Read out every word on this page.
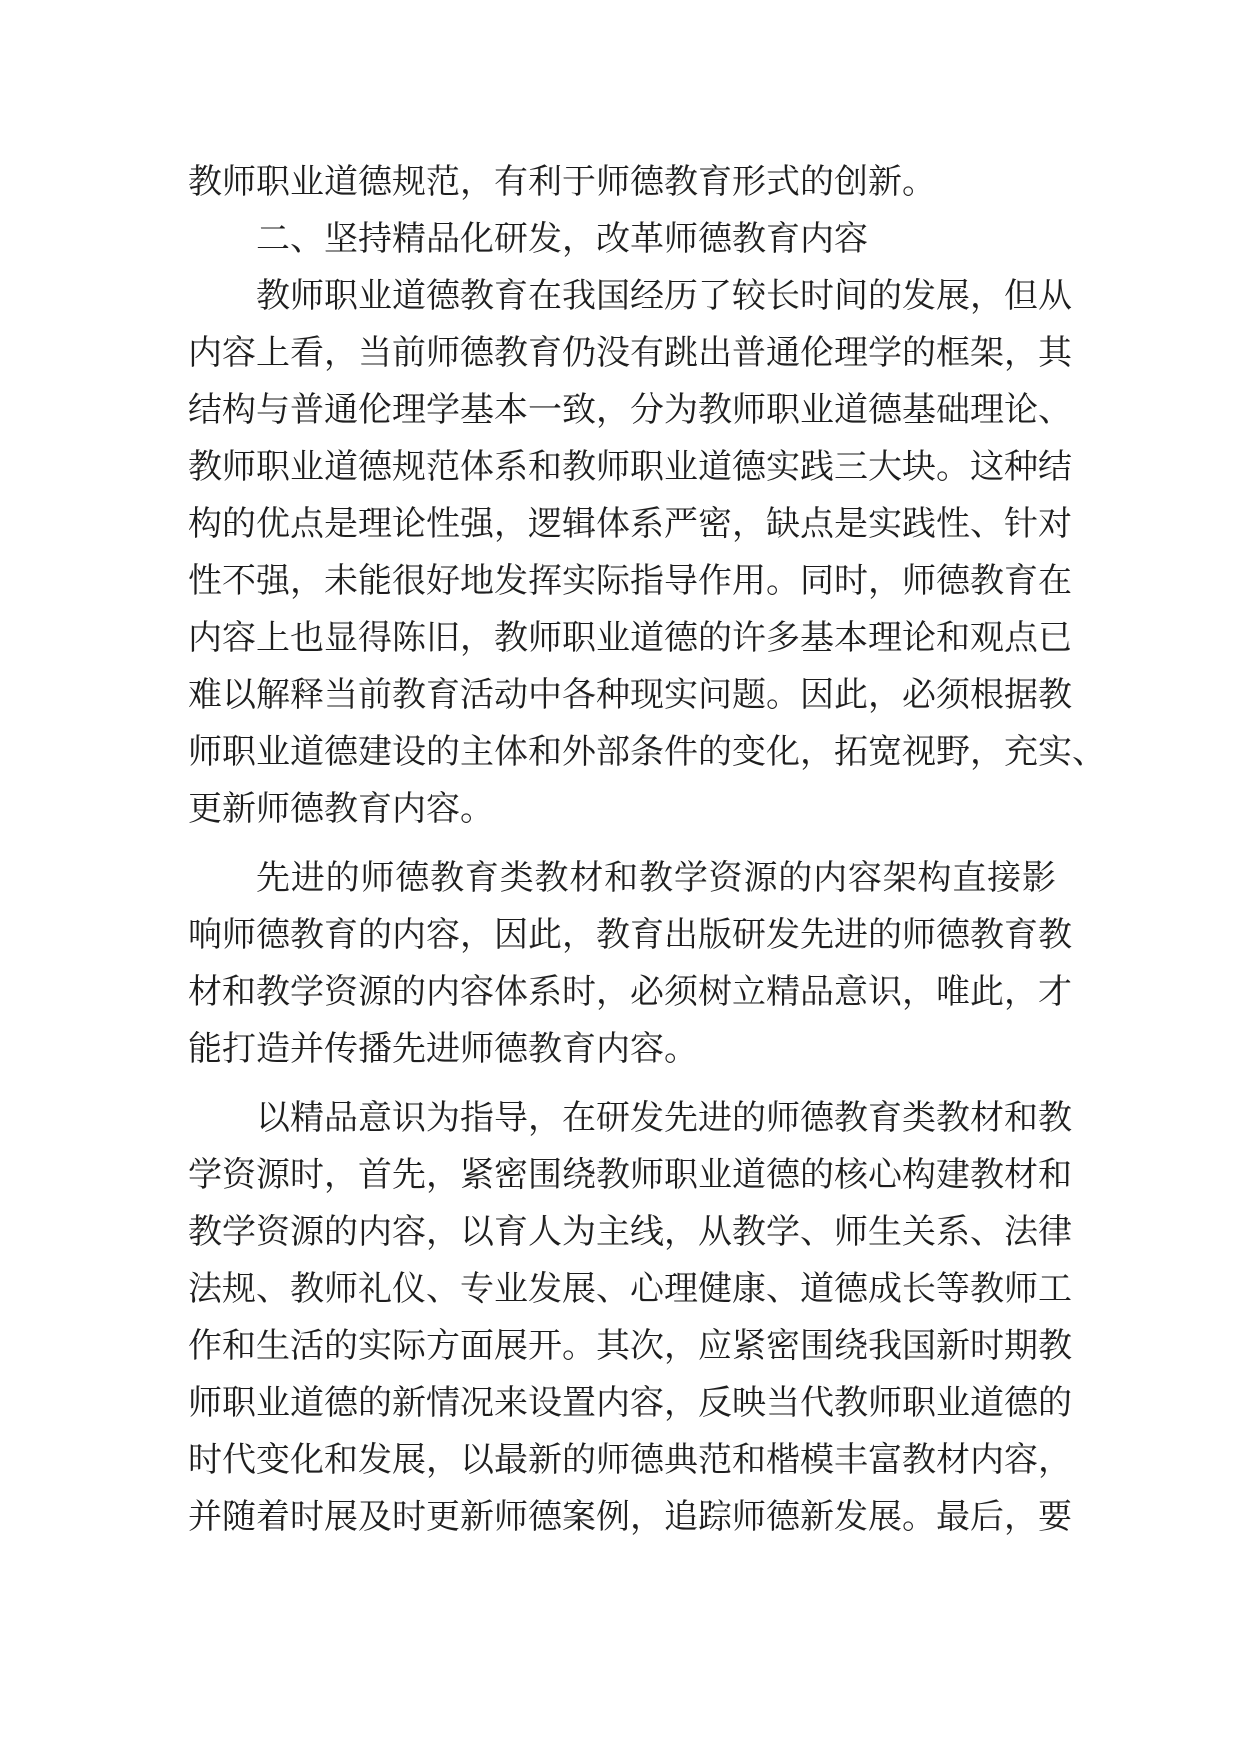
教师职业道德规范，有利于师德教育形式的创新。
二、坚持精品化研发，改革师德教育内容
教师职业道德教育在我国经历了较长时间的发展，但从
内容上看，当前师德教育仍没有跳出普通伦理学的框架，其
结构与普通伦理学基本一致，分为教师职业道德基础理论、
教师职业道德规范体系和教师职业道德实践三大块。这种结
构的优点是理论性强，逻辑体系严密，缺点是实践性、针对
性不强，未能很好地发挥实际指导作用。同时，师德教育在
内容上也显得陈旧，教师职业道德的许多基本理论和观点已
难以解释当前教育活动中各种现实问题。因此，必须根据教
师职业道德建设的主体和外部条件的变化，拓宽视野，充实、
更新师德教育内容。
先进的师德教育类教材和教学资源的内容架构直接影
响师德教育的内容，因此，教育出版研发先进的师德教育教
材和教学资源的内容体系时，必须树立精品意识，唯此，才
能打造并传播先进师德教育内容。
以精品意识为指导，在研发先进的师德教育类教材和教
学资源时，首先，紧密围绕教师职业道德的核心构建教材和
教学资源的内容，以育人为主线，从教学、师生关系、法律
法规、教师礼仪、专业发展、心理健康、道德成长等教师工
作和生活的实际方面展开。其次，应紧密围绕我国新时期教
师职业道德的新情况来设置内容，反映当代教师职业道德的
时代变化和发展，以最新的师德典范和楷模丰富教材内容，
并随着时展及时更新师德案例，追踪师德新发展。最后，要
